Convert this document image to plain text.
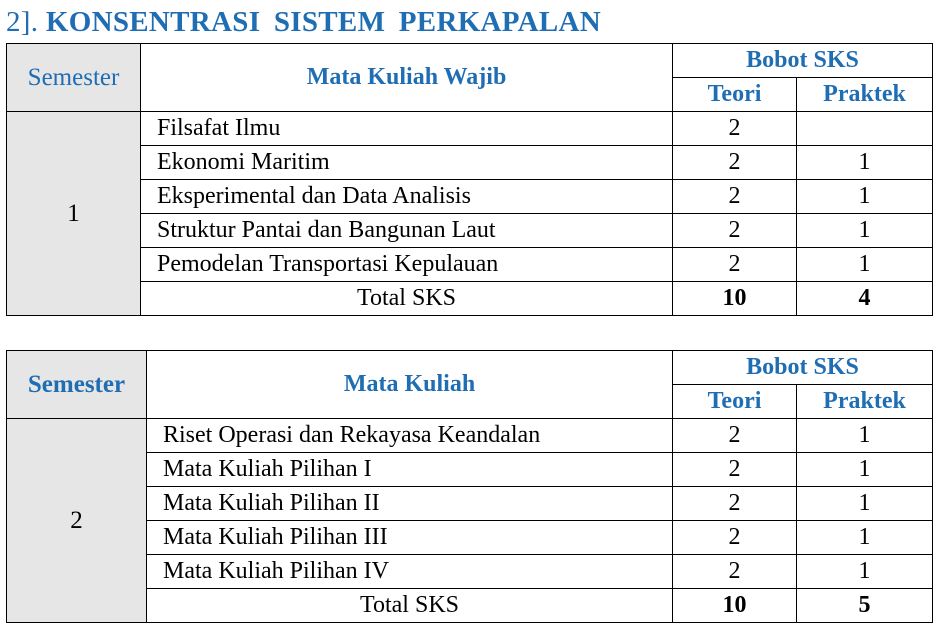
2]. KONSENTRASI SISTEM PERKAPALAN
Semester	Mata Kuliah Wajib	Bobot SKS	
		Teori	Praktek
1	Filsafat Ilmu	2	
	Ekonomi Maritim	2	1
	Eksperimental dan Data Analisis	2	1
	Struktur Pantai dan Bangunan Laut	2	1
	Pemodelan Transportasi Kepulauan	2	1
	Total SKS	10	4
Semester	Mata Kuliah	Bobot SKS	
		Teori	Praktek
2	Riset Operasi dan Rekayasa Keandalan	2	1
	Mata Kuliah Pilihan I	2	1
	Mata Kuliah Pilihan II	2	1
	Mata Kuliah Pilihan III	2	1
	Mata Kuliah Pilihan IV	2	1
	Total SKS	10	5
